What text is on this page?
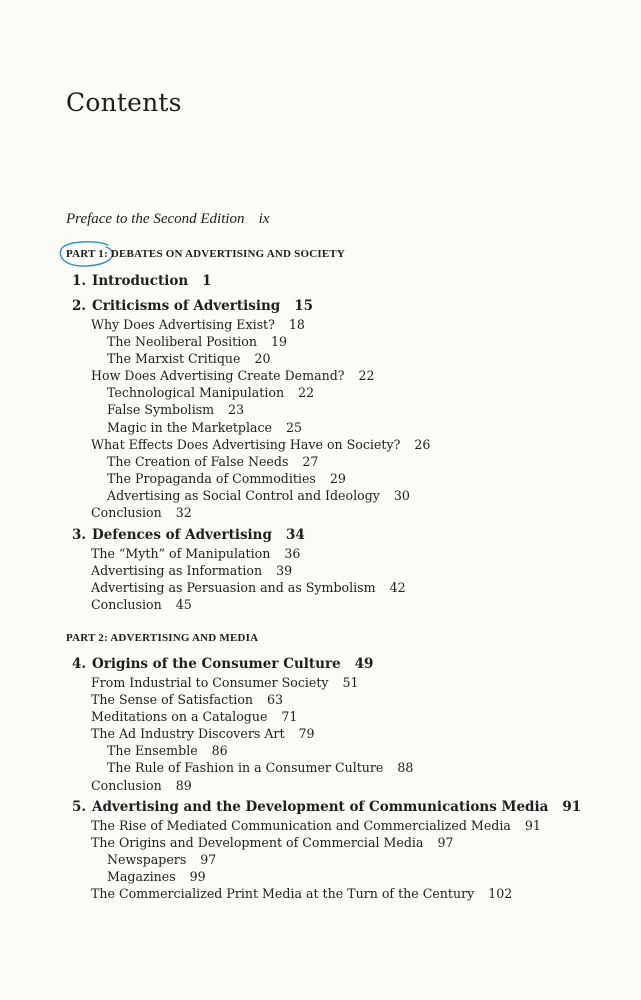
Contents
Preface to the Second Edition ix
PART 1: DEBATES ON ADVERTISING AND SOCIETY
1. Introduction 1
2. Criticisms of Advertising 15
Why Does Advertising Exist? 18
The Neoliberal Position 19
The Marxist Critique 20
How Does Advertising Create Demand? 22
Technological Manipulation 22
False Symbolism 23
Magic in the Marketplace 25
What Effects Does Advertising Have on Society? 26
The Creation of False Needs 27
The Propaganda of Commodities 29
Advertising as Social Control and Ideology 30
Conclusion 32
3. Defences of Advertising 34
The “Myth” of Manipulation 36
Advertising as Information 39
Advertising as Persuasion and as Symbolism 42
Conclusion 45
PART 2: ADVERTISING AND MEDIA
4. Origins of the Consumer Culture 49
From Industrial to Consumer Society 51
The Sense of Satisfaction 63
Meditations on a Catalogue 71
The Ad Industry Discovers Art 79
The Ensemble 86
The Rule of Fashion in a Consumer Culture 88
Conclusion 89
5. Advertising and the Development of Communications Media 91
The Rise of Mediated Communication and Commercialized Media 91
The Origins and Development of Commercial Media 97
Newspapers 97
Magazines 99
The Commercialized Print Media at the Turn of the Century 102
